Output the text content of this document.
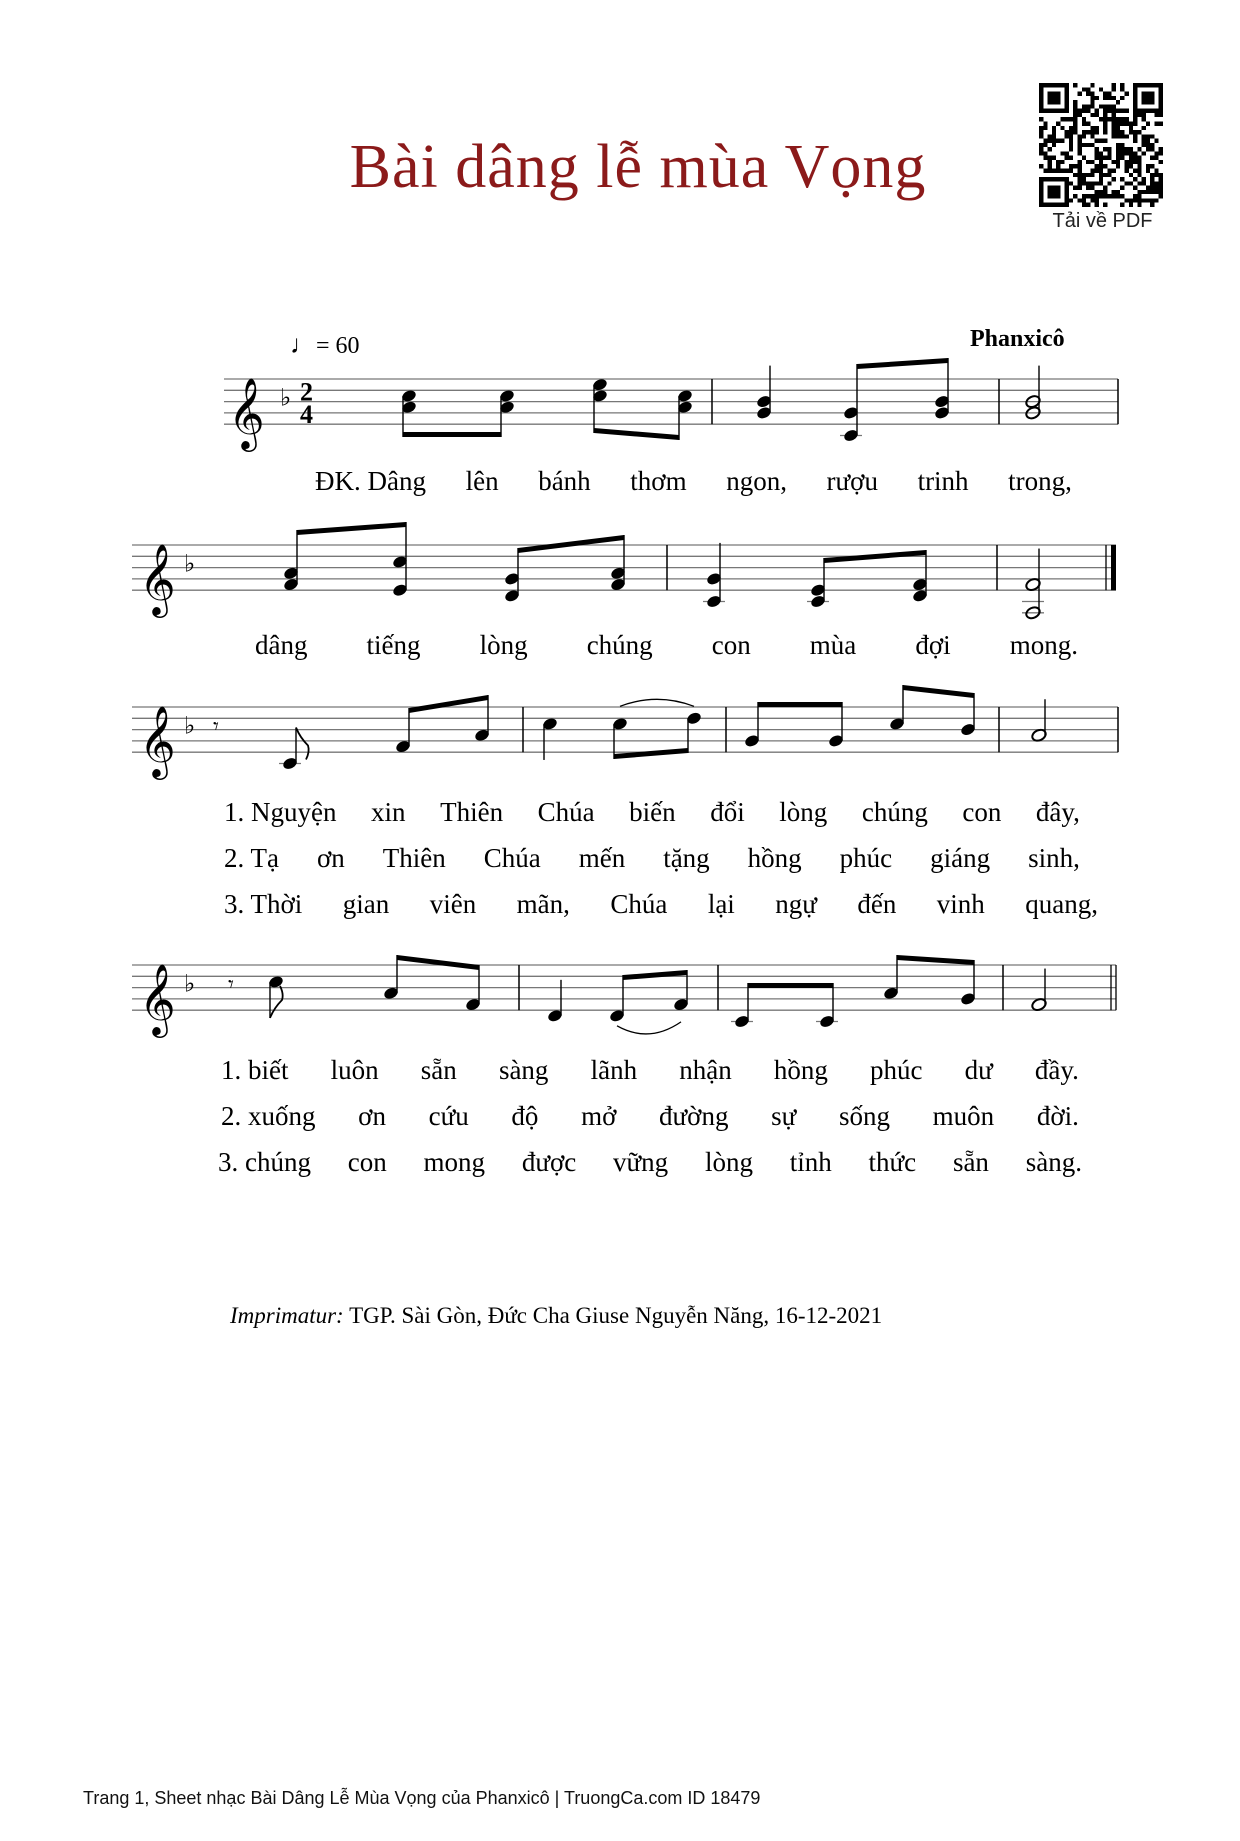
Bài dâng lễ mùa Vọng
Tải về PDF
𝄞 ♭ 2
4
𝄞 ♭
𝄞 ♭ 𝄾
𝄞 ♭ 𝄾
♩= 60	Phanxicô
ĐK. Dâng lên bánh thơm ngon, rượu trinh trong,
dâng tiếng lòng chúng con mùa đợi mong.
1. Nguyện xin Thiên Chúa biến đổi lòng chúng con đây,
2. Tạ ơn Thiên Chúa mến tặng hồng phúc giáng sinh,
3. Thời gian viên mãn, Chúa lại ngự đến vinh quang,
1. biết luôn sẵn sàng lãnh nhận hồng phúc dư đầy.
2. xuống ơn cứu độ mở đường sự sống muôn đời.
3. chúng con mong được vững lòng tỉnh thức sẵn sàng.
Imprimatur: TGP. Sài Gòn, Đức Cha Giuse Nguyễn Năng, 16-12-2021
Trang 1, Sheet nhạc Bài Dâng Lễ Mùa Vọng của Phanxicô | TruongCa.com ID 18479
